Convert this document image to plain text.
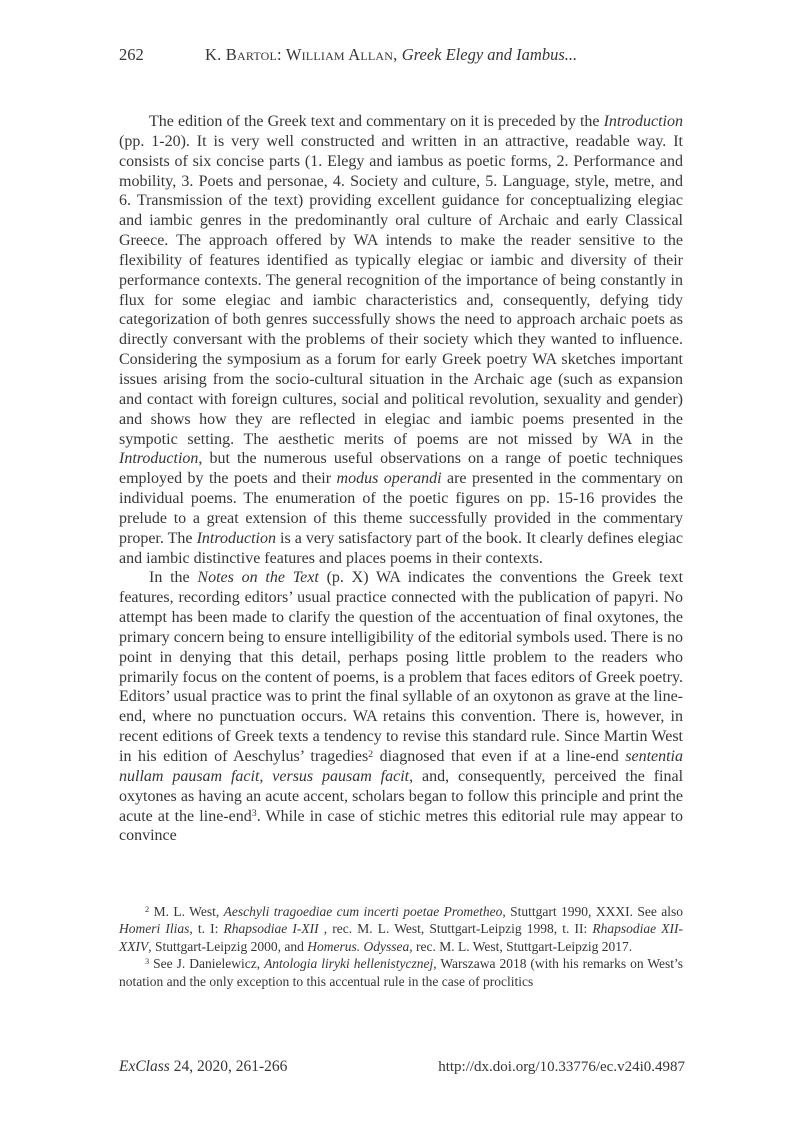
262	K. Bartol: William Allan, Greek Elegy and Iambus...

The edition of the Greek text and commentary on it is preceded by the Introduction (pp. 1-20). It is very well constructed and written in an attractive, readable way. It consists of six concise parts (1. Elegy and iambus as poetic forms, 2. Performance and mobility, 3. Poets and personae, 4. Society and culture, 5. Language, style, metre, and 6. Transmission of the text) providing excellent guidance for conceptualizing elegiac and iambic genres in the predominantly oral culture of Archaic and early Classical Greece. The approach offered by WA intends to make the reader sensitive to the flexibility of features identified as typically elegiac or iambic and diversity of their performance contexts. The general recognition of the importance of being constantly in flux for some elegiac and iambic characteristics and, consequently, defying tidy categorization of both genres successfully shows the need to approach archaic poets as directly conversant with the problems of their society which they wanted to influence. Considering the symposium as a forum for early Greek poetry WA sketches important issues arising from the socio-cultural situation in the Archaic age (such as expansion and contact with foreign cultures, social and political revolution, sexuality and gender) and shows how they are reflected in elegiac and iambic poems presented in the sympotic setting. The aesthetic merits of poems are not missed by WA in the Introduction, but the numerous useful observations on a range of poetic techniques employed by the poets and their modus operandi are presented in the commentary on individual poems. The enumeration of the poetic figures on pp. 15-16 provides the prelude to a great extension of this theme successfully provided in the commentary proper. The Introduction is a very satisfactory part of the book. It clearly defines elegiac and iambic distinctive features and places poems in their contexts.

In the Notes on the Text (p. X) WA indicates the conventions the Greek text features, recording editors’ usual practice connected with the publication of papyri. No attempt has been made to clarify the question of the accentuation of final oxytones, the primary concern being to ensure intelligibility of the editorial symbols used. There is no point in denying that this detail, perhaps posing little problem to the readers who primarily focus on the content of poems, is a problem that faces editors of Greek poetry. Editors’ usual practice was to print the final syllable of an oxytonon as grave at the line-end, where no punctuation occurs. WA retains this convention. There is, however, in recent editions of Greek texts a tendency to revise this standard rule. Since Martin West in his edition of Aeschylus’ tragedies$^2$ diagnosed that even if at a line-end sententia nullam pausam facit, versus pausam facit, and, consequently, perceived the final oxytones as having an acute accent, scholars began to follow this principle and print the acute at the line-end$^3$. While in case of stichic metres this editorial rule may appear to convince

$^2$ M. L. West, Aeschyli tragoediae cum incerti poetae Prometheo, Stuttgart 1990, XXXI. See also Homeri Ilias, t. I: Rhapsodiae I-XII , rec. M. L. West, Stuttgart-Leipzig 1998, t. II: Rhapsodiae XII-XXIV, Stuttgart-Leipzig 2000, and Homerus. Odyssea, rec. M. L. West, Stuttgart-Leipzig 2017.

$^3$ See J. Danielewicz, Antologia liryki hellenistycznej, Warszawa 2018 (with his remarks on West’s notation and the only exception to this accentual rule in the case of proclitics

ExClass 24, 2020, 261-266	http://dx.doi.org/10.33776/ec.v24i0.4987
